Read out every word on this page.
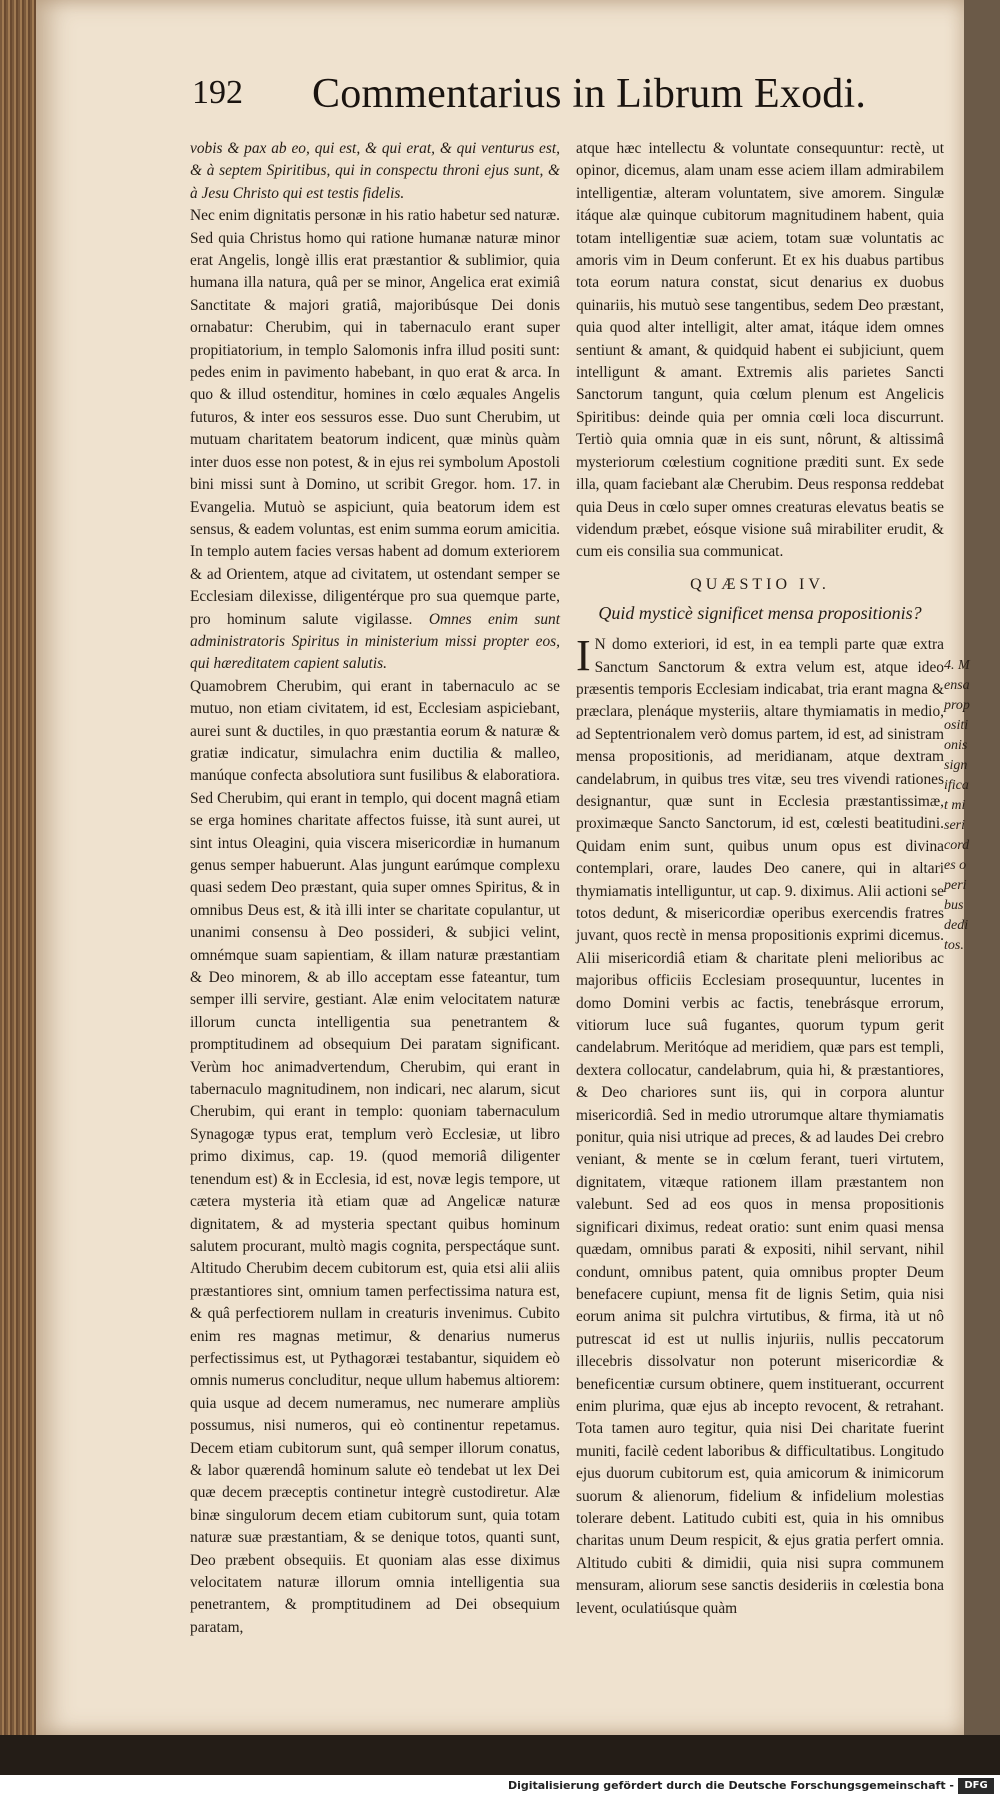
192 Commentarius in Librum Exodi.

vobis & pax ab eo, qui est, & qui erat, & qui venturus est, & à septem Spiritibus, qui in conspectu throni ejus sunt, & à Jesu Christo qui est testis fidelis.

Nec enim dignitatis personæ in his ratio habetur sed naturæ. Sed quia Christus homo qui ratione humanæ naturæ minor erat Angelis, longè illis erat præstantior & sublimior, quia humana illa natura, quâ per se minor, Angelica erat eximiâ Sanctitate & majori gratiâ, majoribúsque Dei donis ornabatur: Cherubim, qui in tabernaculo erant super propitiatorium, in templo Salomonis infra illud positi sunt: pedes enim in pavimento habebant, in quo erat & arca. In quo & illud ostenditur, homines in cœlo æquales Angelis futuros, & inter eos sessuros esse. Duo sunt Cherubim, ut mutuam charitatem beatorum indicent, quæ minùs quàm inter duos esse non potest, & in ejus rei symbolum Apostoli bini missi sunt à Domino, ut scribit Gregor. hom. 17. in Evangelia. Mutuò se aspiciunt, quia beatorum idem est sensus, & eadem voluntas, est enim summa eorum amicitia. In templo autem facies versas habent ad domum exteriorem & ad Orientem, atque ad civitatem, ut ostendant semper se Ecclesiam dilexisse, diligentérque pro sua quemque parte, pro hominum salute vigilasse. Omnes enim sunt administratoris Spiritus in ministerium missi propter eos, qui hæreditatem capient salutis.

Quamobrem Cherubim, qui erant in tabernaculo ac se mutuo, non etiam civitatem, id est, Ecclesiam aspiciebant, aurei sunt & ductiles, in quo præstantia eorum & naturæ & gratiæ indicatur, simulachra enim ductilia & malleo, manúque confecta absolutiora sunt fusilibus & elaboratiora. Sed Cherubim, qui erant in templo, qui docent magnâ etiam se erga homines charitate affectos fuisse, ità sunt aurei, ut sint intus Oleagini, quia viscera misericordiæ in humanum genus semper habuerunt. Alas jungunt earúmque complexu quasi sedem Deo præstant, quia super omnes Spiritus, & in omnibus Deus est, & ità illi inter se charitate copulantur, ut unanimi consensu à Deo possideri, & subjici velint, omnémque suam sapientiam, & illam naturæ præstantiam & Deo minorem, & ab illo acceptam esse fateantur, tum semper illi servire, gestiant. Alæ enim velocitatem naturæ illorum cuncta intelligentia sua penetrantem & promptitudinem ad obsequium Dei paratam significant. Verùm hoc animadvertendum, Cherubim, qui erant in tabernaculo magnitudinem, non indicari, nec alarum, sicut Cherubim, qui erant in templo: quoniam tabernaculum Synagogæ typus erat, templum verò Ecclesiæ, ut libro primo diximus, cap. 19. (quod memoriâ diligenter tenendum est) & in Ecclesia, id est, novæ legis tempore, ut cætera mysteria ità etiam quæ ad Angelicæ naturæ dignitatem, & ad mysteria spectant quibus hominum salutem procurant, multò magis cognita, perspectáque sunt. Altitudo Cherubim decem cubitorum est, quia etsi alii aliis præstantiores sint, omnium tamen perfectissima natura est, & quâ perfectiorem nullam in creaturis invenimus. Cubito enim res magnas metimur, & denarius numerus perfectissimus est, ut Pythagoræi testabantur, siquidem eò omnis numerus concluditur, neque ullum habemus altiorem: quia usque ad decem numeramus, nec numerare ampliùs possumus, nisi numeros, qui eò continentur repetamus. Decem etiam cubitorum sunt, quâ semper illorum conatus, & labor quærendâ hominum salute eò tendebat ut lex Dei quæ decem præceptis continetur integrè custodiretur. Alæ binæ singulorum decem etiam cubitorum sunt, quia totam naturæ suæ præstantiam, & se denique totos, quanti sunt, Deo præbent obsequiis. Et quoniam alas esse diximus velocitatem naturæ illorum omnia intelligentia sua penetrantem, & promptitudinem ad Dei obsequium paratam,

atque hæc intellectu & voluntate consequuntur: rectè, ut opinor, dicemus, alam unam esse aciem illam admirabilem intelligentiæ, alteram voluntatem, sive amorem. Singulæ itáque alæ quinque cubitorum magnitudinem habent, quia totam intelligentiæ suæ aciem, totam suæ voluntatis ac amoris vim in Deum conferunt. Et ex his duabus partibus tota eorum natura constat, sicut denarius ex duobus quinariis, his mutuò sese tangentibus, sedem Deo præstant, quia quod alter intelligit, alter amat, itáque idem omnes sentiunt & amant, & quidquid habent ei subjiciunt, quem intelligunt & amant. Extremis alis parietes Sancti Sanctorum tangunt, quia cœlum plenum est Angelicis Spiritibus: deinde quia per omnia cœli loca discurrunt. Tertiò quia omnia quæ in eis sunt, nôrunt, & altissimâ mysteriorum cœlestium cognitione præditi sunt. Ex sede illa, quam faciebant alæ Cherubim. Deus responsa reddebat quia Deus in cœlo super omnes creaturas elevatus beatis se videndum præbet, eósque visione suâ mirabiliter erudit, & cum eis consilia sua communicat.

QUÆSTIO IV.
Quid mysticè significet mensa propositionis?

I N domo exteriori, id est, in ea templi parte quæ extra Sanctum Sanctorum & extra velum est, atque ideo præsentis temporis Ecclesiam indicabat, tria erant magna & præclara, plenáque mysteriis, altare thymiamatis in medio, ad Septentrionalem verò domus partem, id est, ad sinistram mensa propositionis, ad meridianam, atque dextram candelabrum, in quibus tres vitæ, seu tres vivendi rationes designantur, quæ sunt in Ecclesia præstantissimæ, proximæque Sancto Sanctorum, id est, cœlesti beatitudini. Quidam enim sunt, quibus unum opus est divina contemplari, orare, laudes Deo canere, qui in altari thymiamatis intelliguntur, ut cap. 9. diximus. Alii actioni se totos dedunt, & misericordiæ operibus exercendis fratres juvant, quos rectè in mensa propositionis exprimi dicemus. Alii misericordiâ etiam & charitate pleni melioribus ac majoribus officiis Ecclesiam prosequuntur, lucentes in domo Domini verbis ac factis, tenebrásque errorum, vitiorum luce suâ fugantes, quorum typum gerit candelabrum. Meritóque ad meridiem, quæ pars est templi, dextera collocatur, candelabrum, quia hi, & præstantiores, & Deo chariores sunt iis, qui in corpora aluntur misericordiâ. Sed in medio utrorumque altare thymiamatis ponitur, quia nisi utrique ad preces, & ad laudes Dei crebro veniant, & mente se in cœlum ferant, tueri virtutem, dignitatem, vitæque rationem illam præstantem non valebunt. Sed ad eos quos in mensa propositionis significari diximus, redeat oratio: sunt enim quasi mensa quædam, omnibus parati & expositi, nihil servant, nihil condunt, omnibus patent, quia omnibus propter Deum benefacere cupiunt, mensa fit de lignis Setim, quia nisi eorum anima sit pulchra virtutibus, & firma, ità ut nô putrescat id est ut nullis injuriis, nullis peccatorum illecebris dissolvatur non poterunt misericordiæ & beneficentiæ cursum obtinere, quem instituerant, occurrent enim plurima, quæ ejus ab incepto revocent, & retrahant. Tota tamen auro tegitur, quia nisi Dei charitate fuerint muniti, facilè cedent laboribus & difficultatibus. Longitudo ejus duorum cubitorum est, quia amicorum & inimicorum suorum & alienorum, fidelium & infidelium molestias tolerare debent. Latitudo cubiti est, quia in his omnibus charitas unum Deum respicit, & ejus gratia perfert omnia. Altitudo cubiti & dimidii, quia nisi supra communem mensuram, aliorum sese sanctis desideriis in cœlestia bona levent, oculatiúsque quàm

4. Mensa propositionis significat misericordes operibus deditos.
Digitalisierung gefördert durch die Deutsche Forschungsgemeinschaft -	DFG
